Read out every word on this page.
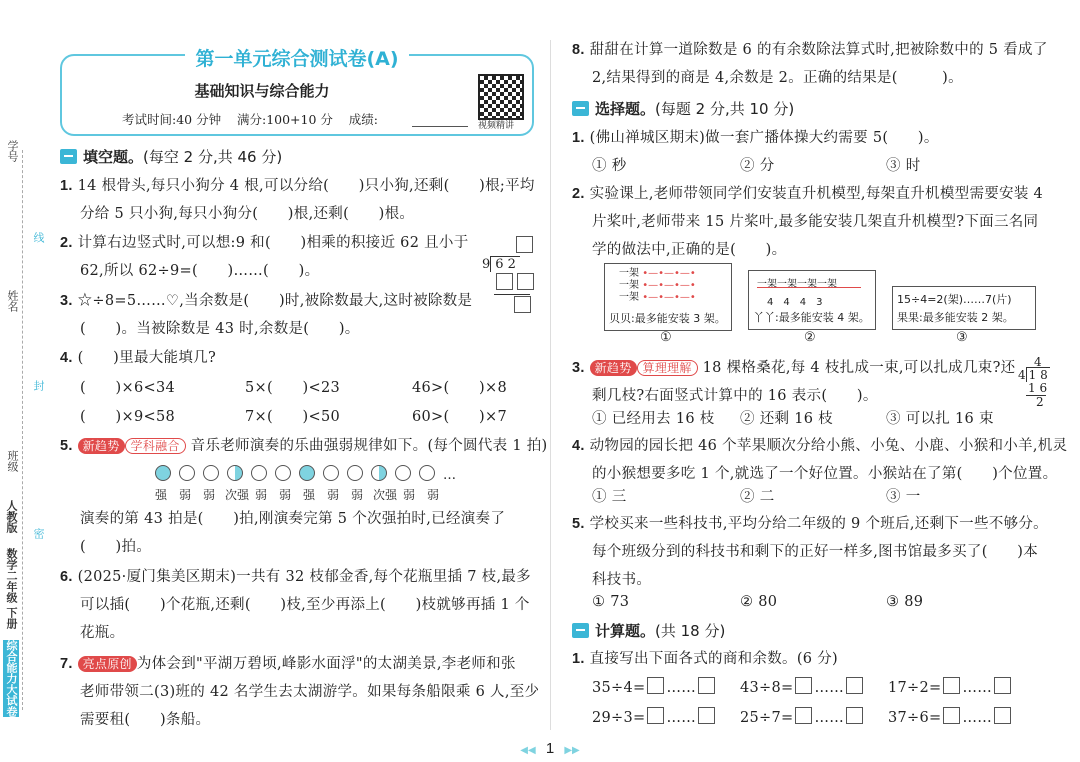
学号
姓名
班级
线
封
密
人教版
数学二年级 下册
综合能力大试卷
第一单元综合测试卷(A)
基础知识与综合能力
考试时间:40 分钟    满分:100+10 分    成绩:	视频精讲
填空题。(每空 2 分,共 46 分)
1. 14 根骨头,每只小狗分 4 根,可以分给(　　)只小狗,还剩(　　)根;平均
分给 5 只小狗,每只小狗分(　　)根,还剩(　　)根。
2. 计算右边竖式时,可以想:9 和(　　)相乘的积接近 62 且小于
62,所以 62÷9=(　　)……(　　)。	9 6 2
3. ☆÷8=5……♡,当余数是(　　)时,被除数最大,这时被除数是
(　　)。当被除数是 43 时,余数是(　　)。
4. (　　)里最大能填几?
(　　)×6<34	5×(　　)<23	46>(　　)×8
(　　)×9<58	7×(　　)<50	60>(　　)×7
5. 新趋势 学科融合 音乐老师演奏的乐曲强弱规律如下。(每个圆代表 1 拍)
…
强 弱 弱 次强 弱 弱 强 弱 弱 次强 弱 弱
演奏的第 43 拍是(　　)拍,刚演奏完第 5 个次强拍时,已经演奏了
(　　)拍。
6. (2025·厦门集美区期末)一共有 32 枝郁金香,每个花瓶里插 7 枝,最多
可以插(　　)个花瓶,还剩(　　)枝,至少再添上(　　)枝就够再插 1 个
花瓶。
7. 亮点原创 为体会到"平湖万碧顷,峰影水面浮"的太湖美景,李老师和张
老师带领二(3)班的 42 名学生去太湖游学。如果每条船限乘 6 人,至少
需要租(　　)条船。
8. 甜甜在计算一道除数是 6 的有余数除法算式时,把被除数中的 5 看成了
2,结果得到的商是 4,余数是 2。正确的结果是(　　　)。
选择题。(每题 2 分,共 10 分)
1. (佛山禅城区期末)做一套广播体操大约需要 5(　　)。
① 秒	② 分	③ 时
2. 实验课上,老师带领同学们安装直升机模型,每架直升机模型需要安装 4
片桨叶,老师带来 15 片桨叶,最多能安装几架直升机模型?下面三名同
学的做法中,正确的是(　　)。
一架 •—•—•—•
一架 •—•—•—•
一架 •—•—•—•
贝贝:最多能安装 3 架。
一架一架一架一架
4　4　4　3
丫丫:最多能安装 4 架。
15÷4=2(架)……7(片)
果果:最多能安装 2 架。
①	②	③
3. 新趋势 算理理解 18 棵格桑花,每 4 枝扎成一束,可以扎成几束?还
剩几枝?右面竖式计算中的 16 表示(　　)。
4
4 1 8
1 6
2
① 已经用去 16 枝 ② 还剩 16 枝	③ 可以扎 16 束
4. 动物园的园长把 46 个苹果顺次分给小熊、小兔、小鹿、小猴和小羊,机灵
的小猴想要多吃 1 个,就选了一个好位置。小猴站在了第(　　)个位置。
① 三	② 二	③ 一
5. 学校买来一些科技书,平均分给二年级的 9 个班后,还剩下一些不够分。
每个班级分到的科技书和剩下的正好一样多,图书馆最多买了(　　)本
科技书。
① 73	② 80	③ 89
计算题。(共 18 分)
1. 直接写出下面各式的商和余数。(6 分)
35÷4= ……	43÷8= ……	17÷2= ……
29÷3= ……	25÷7= ……	37÷6= ……
◀◀ 1 ▶▶
